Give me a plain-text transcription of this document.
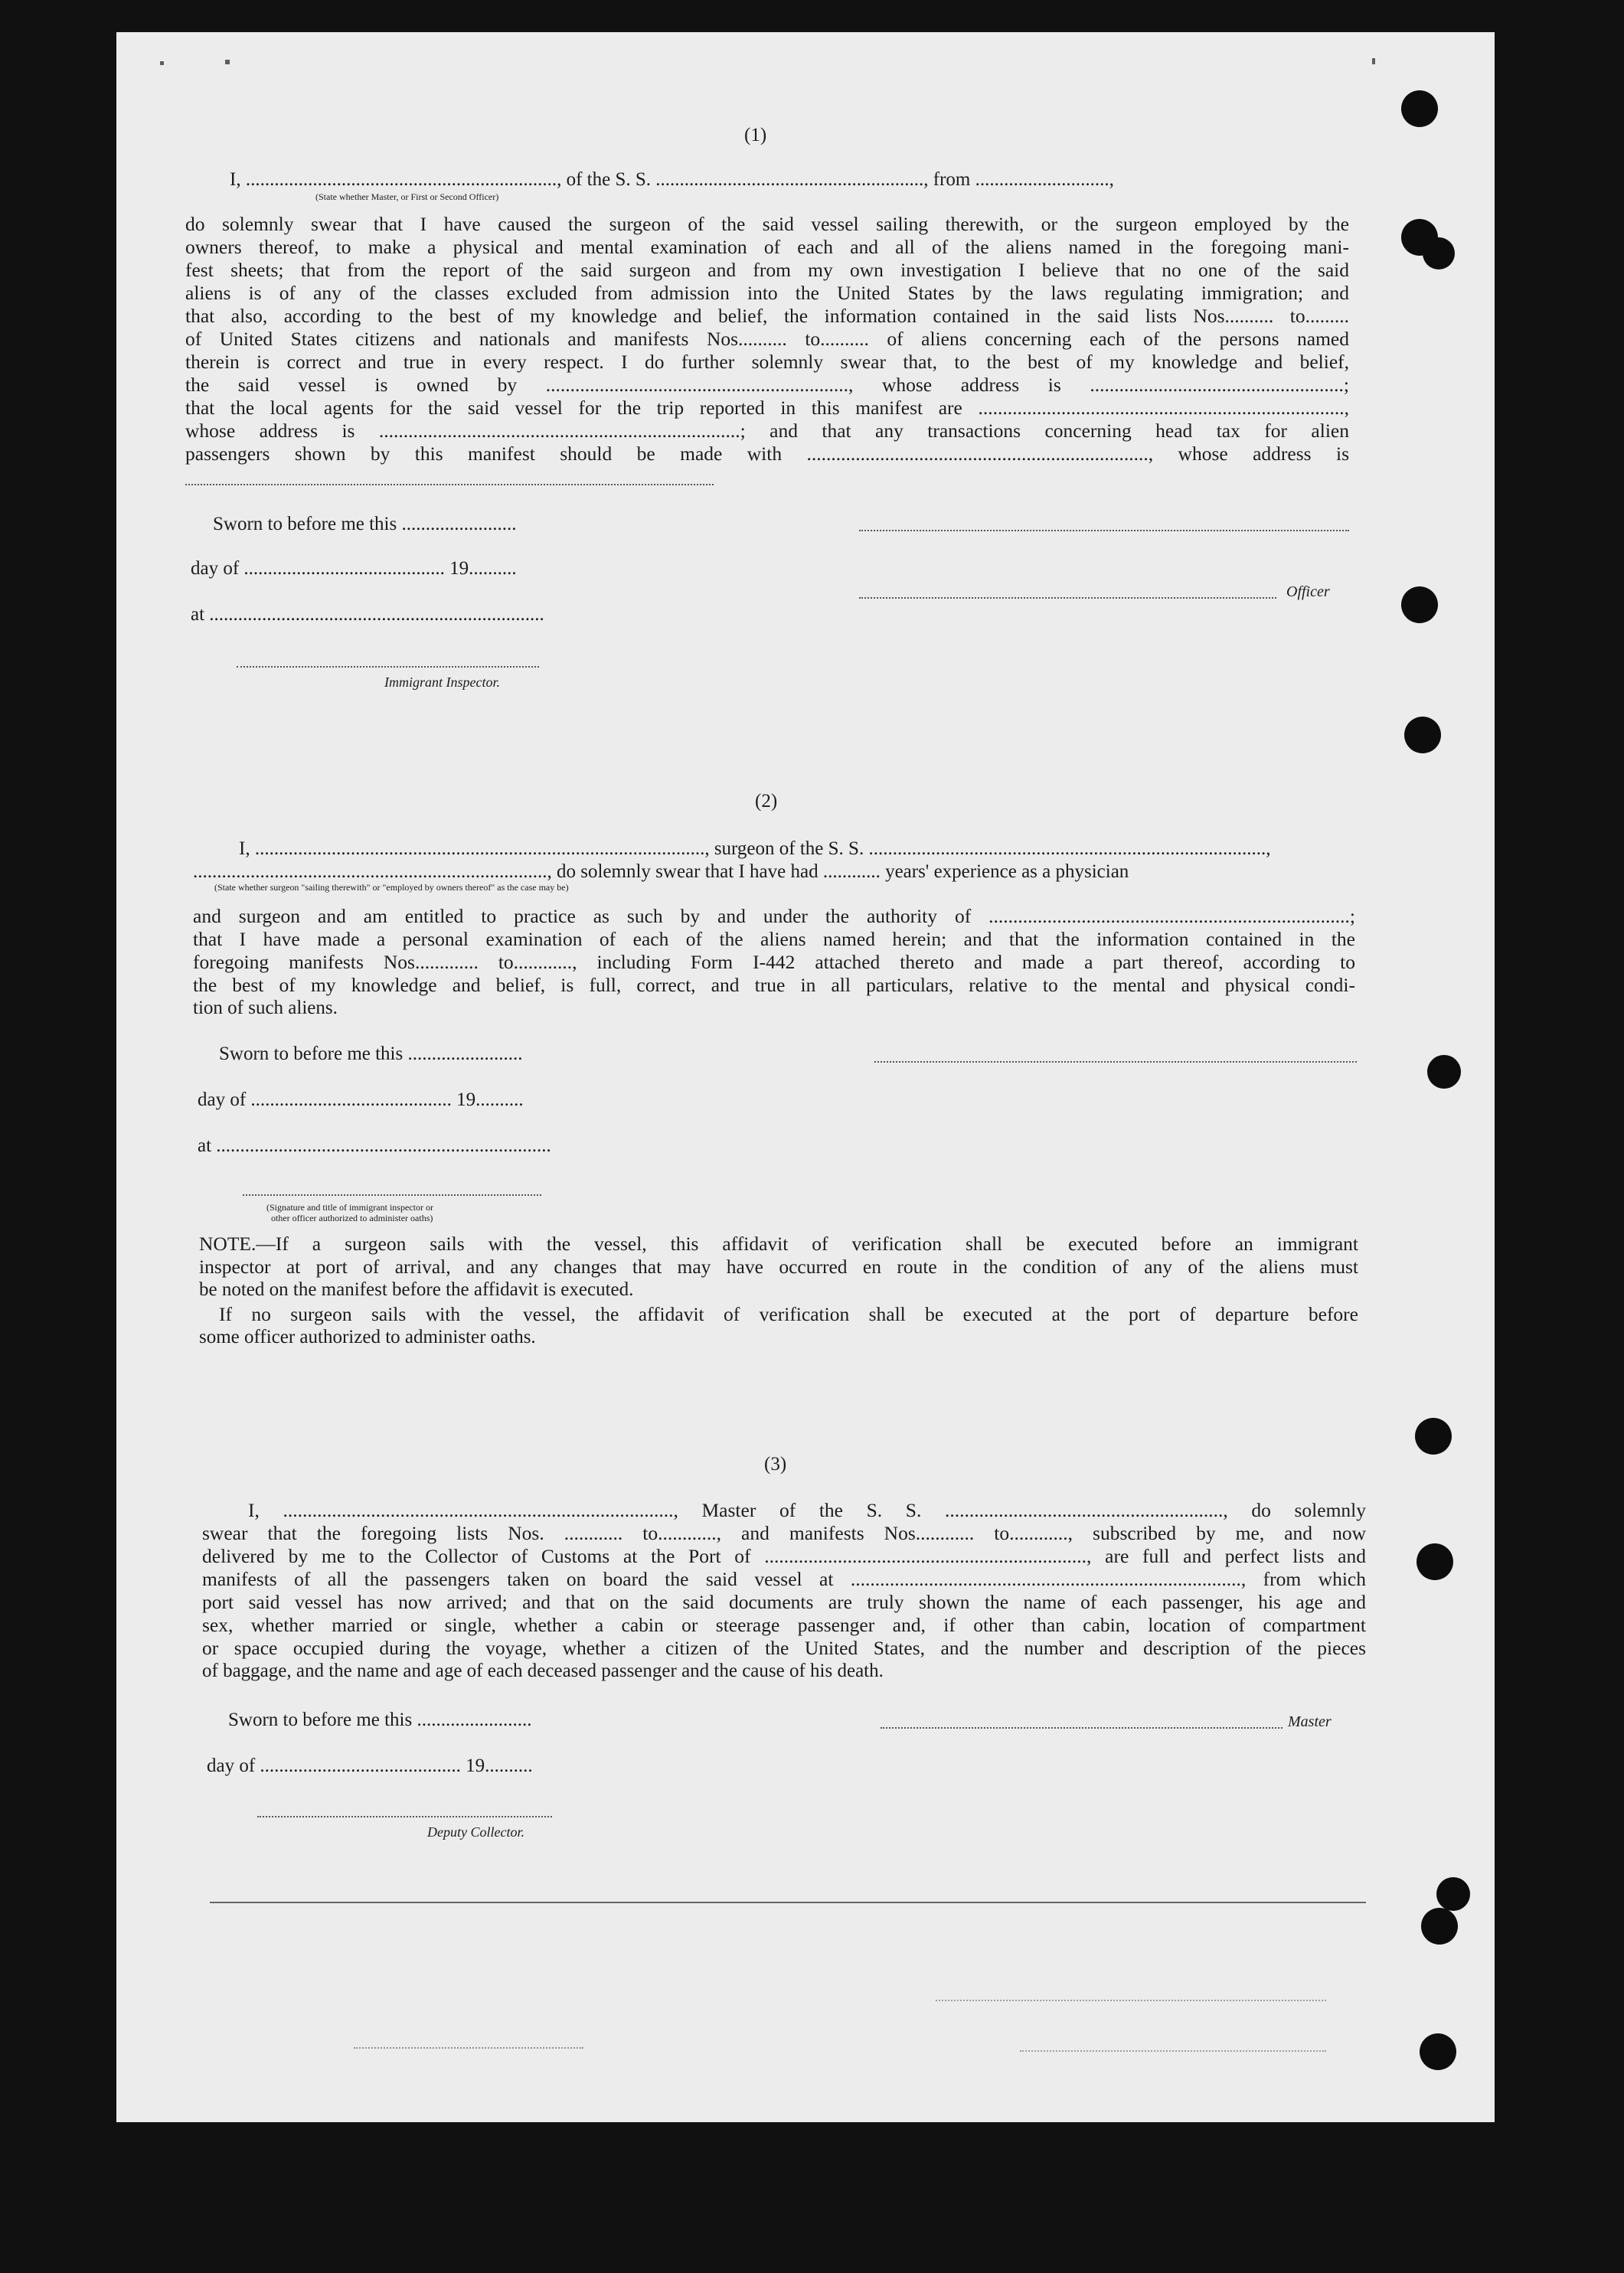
(1)
I, ................................................................., of the S. S. ........................................................, from ............................,
(State whether Master, or First or Second Officer)
do solemnly swear that I have caused the surgeon of the said vessel sailing therewith, or the surgeon employed by the
owners thereof, to make a physical and mental examination of each and all of the aliens named in the foregoing mani-
fest sheets; that from the report of the said surgeon and from my own investigation I believe that no one of the said
aliens is of any of the classes excluded from admission into the United States by the laws regulating immigration; and
that also, according to the best of my knowledge and belief, the information contained in the said lists Nos.......... to.........
of United States citizens and nationals and manifests Nos.......... to.......... of aliens concerning each of the persons named
therein is correct and true in every respect. I do further solemnly swear that, to the best of my knowledge and belief,
the said vessel is owned by .............................................................., whose address is ....................................................;
that the local agents for the said vessel for the trip reported in this manifest are ...........................................................................,
whose address is ..........................................................................; and that any transactions concerning head tax for alien
passengers shown by this manifest should be made with ......................................................................, whose address is
Sworn to before me this ........................
day of .......................................... 19..........
Officer
at ......................................................................
Immigrant Inspector.
(2)
I, .............................................................................................., surgeon of the S. S. ...................................................................................,
.........................................................................., do solemnly swear that I have had ............ years' experience as a physician
(State whether surgeon "sailing therewith" or "employed by owners thereof" as the case may be)
and surgeon and am entitled to practice as such by and under the authority of ..........................................................................;
that I have made a personal examination of each of the aliens named herein; and that the information contained in the
foregoing manifests Nos............. to............, including Form I-442 attached thereto and made a part thereof, according to
the best of my knowledge and belief, is full, correct, and true in all particulars, relative to the mental and physical condi-
tion of such aliens.
Sworn to before me this ........................
day of .......................................... 19..........
at ......................................................................
(Signature and title of immigrant inspector or
other officer authorized to administer oaths)
NOTE.—If a surgeon sails with the vessel, this affidavit of verification shall be executed before an immigrant
inspector at port of arrival, and any changes that may have occurred en route in the condition of any of the aliens must
be noted on the manifest before the affidavit is executed.
If no surgeon sails with the vessel, the affidavit of verification shall be executed at the port of departure before
some officer authorized to administer oaths.
(3)
I, ................................................................................, Master of the S. S. ........................................................., do solemnly
swear that the foregoing lists Nos. ............ to............, and manifests Nos............ to............, subscribed by me, and now
delivered by me to the Collector of Customs at the Port of .................................................................., are full and perfect lists and
manifests of all the passengers taken on board the said vessel at ................................................................................, from which
port said vessel has now arrived; and that on the said documents are truly shown the name of each passenger, his age and
sex, whether married or single, whether a cabin or steerage passenger and, if other than cabin, location of compartment
or space occupied during the voyage, whether a citizen of the United States, and the number and description of the pieces
of baggage, and the name and age of each deceased passenger and the cause of his death.
Sworn to before me this ........................	Master
day of .......................................... 19..........
Deputy Collector.
